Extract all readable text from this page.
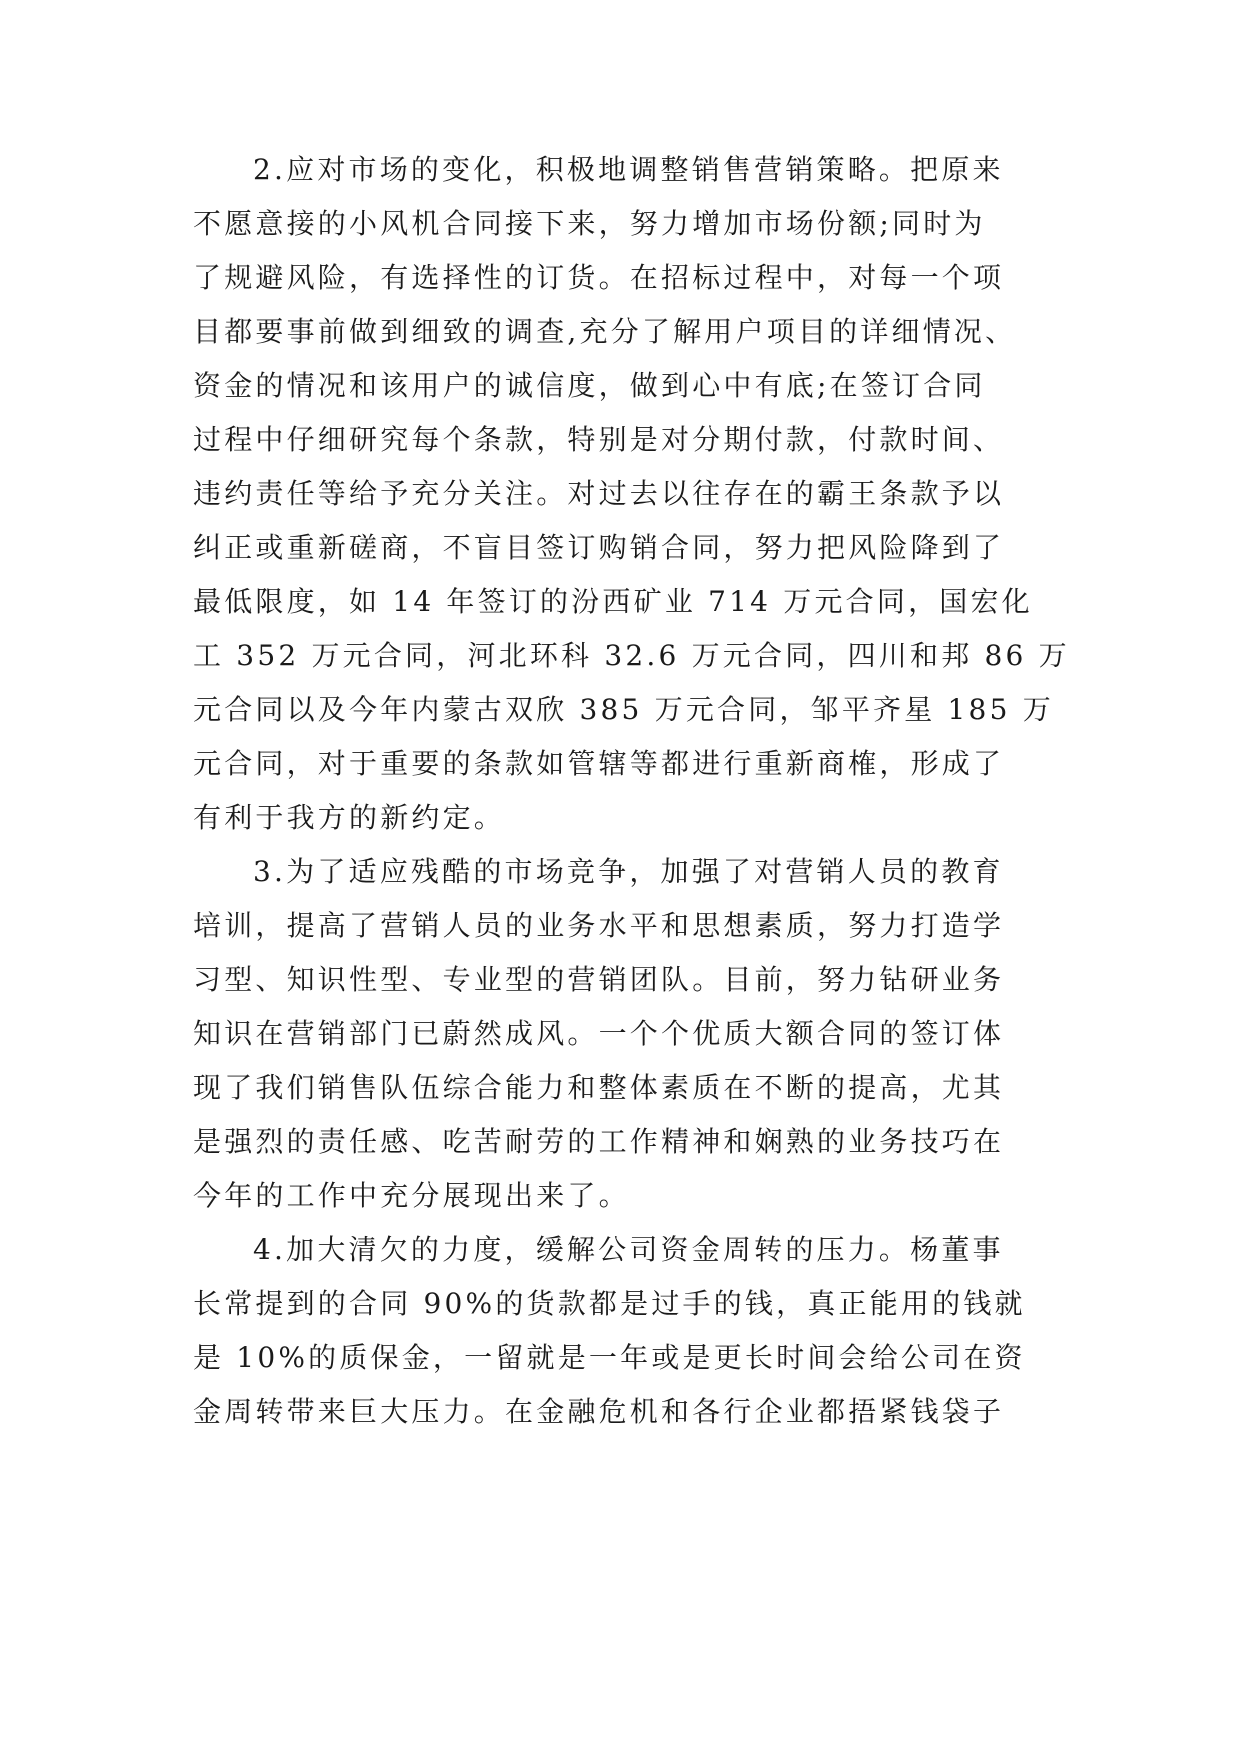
2.应对市场的变化，积极地调整销售营销策略。把原来
不愿意接的小风机合同接下来，努力增加市场份额;同时为
了规避风险，有选择性的订货。在招标过程中，对每一个项
目都要事前做到细致的调查,充分了解用户项目的详细情况、
资金的情况和该用户的诚信度，做到心中有底;在签订合同
过程中仔细研究每个条款，特别是对分期付款，付款时间、
违约责任等给予充分关注。对过去以往存在的霸王条款予以
纠正或重新磋商，不盲目签订购销合同，努力把风险降到了
最低限度，如 14 年签订的汾西矿业 714 万元合同，国宏化
工 352 万元合同，河北环科 32.6 万元合同，四川和邦 86 万
元合同以及今年内蒙古双欣 385 万元合同，邹平齐星 185 万
元合同，对于重要的条款如管辖等都进行重新商榷，形成了
有利于我方的新约定。
3.为了适应残酷的市场竞争，加强了对营销人员的教育
培训，提高了营销人员的业务水平和思想素质，努力打造学
习型、知识性型、专业型的营销团队。目前，努力钻研业务
知识在营销部门已蔚然成风。一个个优质大额合同的签订体
现了我们销售队伍综合能力和整体素质在不断的提高，尤其
是强烈的责任感、吃苦耐劳的工作精神和娴熟的业务技巧在
今年的工作中充分展现出来了。
4.加大清欠的力度，缓解公司资金周转的压力。杨董事
长常提到的合同 90%的货款都是过手的钱，真正能用的钱就
是 10%的质保金，一留就是一年或是更长时间会给公司在资
金周转带来巨大压力。在金融危机和各行企业都捂紧钱袋子
